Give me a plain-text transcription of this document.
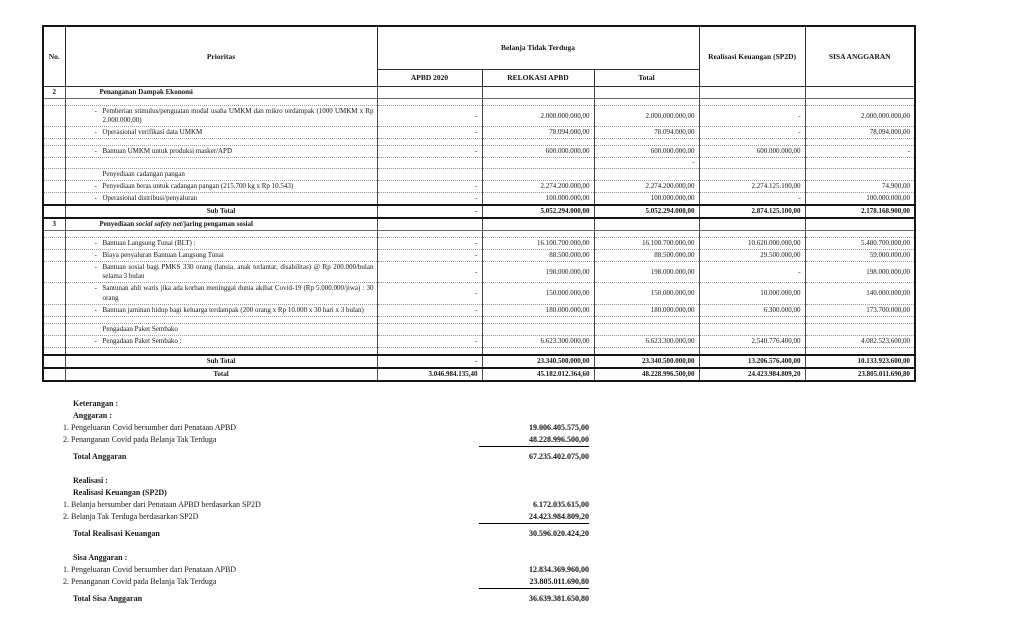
No.	Prioritas	Belanja Tidak Terduga			Realisasi Keuangan (SP2D)	SISA ANGGARAN
		APBD 2020	RELOKASI APBD	Total		
2	Penanganan Dampak Ekonomi					

	- Pemberian stimulus/penguatan modal usaha UMKM dan mikro terdampak (1000 UMKM x Rp 2.000.000,00)	-	2.000.000.000,00	2.000.000.000,00	-	2.000.000.000,00

	- Operasional verifikasi data UMKM	-	78.094.000,00	78.094.000,00	-	78.094.000,00

	- Bantuan UMKM untuk produksi masker/APD	-	600.000.000,00	600.000.000,00	600.000.000,00	-
				-		

	Penyediaan cadangan pangan					

	- Penyediaan beras untuk cadangan pangan (215.700 kg x Rp 10.543)	-	2.274.200.000,00	2.274.200.000,00	2.274.125.100,00	74.900,00

	- Operasional distribusi/penyaluran	-	100.000.000,00	100.000.000,00	-	100.000.000,00
	Sub Total	-	5.052.294.000,00	5.052.294.000,00	2.874.125.100,00	2.178.168.900,00
3	Penyediaan social safety net/jaring pengaman sosial					

	- Bantuan Langsung Tunai (BLT) :	-	16.100.700.000,00	16.100.700.000,00	10.620.000.000,00	5.480.700.000,00

	- Biaya penyaluran Bantuan Langsung Tunai	-	88.500.000,00	88.500.000,00	29.500.000,00	59.000.000,00

	- Bantuan sosial bagi PMKS 330 orang (lansia, anak terlantar, disabilitas) @ Rp 200.000/bulan selama 3 bulan	-	198.000.000,00	198.000.000,00	-	198.000.000,00

	- Santunan ahli waris jika ada korban meninggal dunia akibat Covid-19 (Rp 5.000.000/jiwa) : 30 orang	-	150.000.000,00	150.000.000,00	10.000.000,00	140.000.000,00

	- Bantuan jaminan hidup bagi keluarga terdampak (200 orang x Rp 10.000 x 30 hari x 3 bulan)	-	180.000.000,00	180.000.000,00	6.300.000,00	173.700.000,00

	Pengadaan Paket Sembako					

	- Pengadaan Paket Sembako :	-	6.623.300.000,00	6.623.300.000,00	2.540.776.400,00	4.082.523.600,00

	Sub Total	-	23.340.500.000,00	23.340.500.000,00	13.206.576.400,00	10.133.923.600,00
	Total	3.046.984.135,40	45.182.012.364,60	48.228.996.500,00	24.423.984.809,20	23.805.011.690,80
Keterangan :
Anggaran :
1. Pengeluaran Covid bersumber dari Penataan APBD	19.006.405.575,00
2. Penanganan Covid pada Belanja Tak Terduga	48.228.996.500,00
Total Anggaran	67.235.402.075,00
Realisasi :
Realisasi Keuangan (SP2D)
1. Belanja bersumber dari Penataan APBD berdasarkan SP2D	6.172.035.615,00
2. Belanja Tak Terduga berdasarkan SP2D	24.423.984.809,20
Total Realisasi Keuangan	30.596.020.424,20
Sisa Anggaran :
1. Pengeluaran Covid bersumber dari Penataan APBD	12.834.369.960,00
2. Penanganan Covid pada Belanja Tak Terduga	23.805.011.690,80
Total Sisa Anggaran	36.639.381.650,80
